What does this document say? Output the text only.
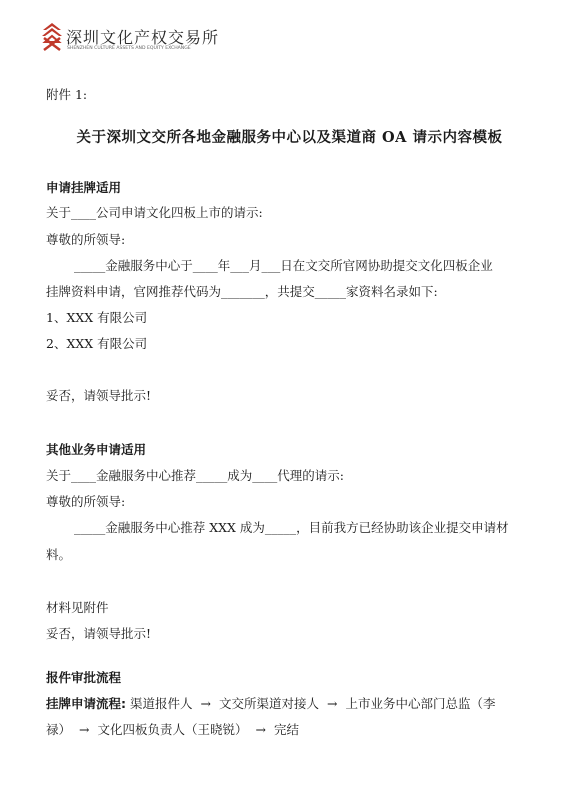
深圳文化产权交易所
SHENZHEN CULTURE ASSETS AND EQUITY EXCHANGE
附件 1:
关于深圳文交所各地金融服务中心以及渠道商 OA 请示内容模板
申请挂牌适用
关于____公司申请文化四板上市的请示:
尊敬的所领导:
_____金融服务中心于____年___月___日在文交所官网协助提交文化四板企业
挂牌资料申请，官网推荐代码为_______，共提交_____家资料名录如下:
1、XXX 有限公司
2、XXX 有限公司
妥否，请领导批示!
其他业务申请适用
关于____金融服务中心推荐_____成为____代理的请示:
尊敬的所领导:
_____金融服务中心推荐 XXX 成为_____，目前我方已经协助该企业提交申请材
料。
材料见附件
妥否，请领导批示!
报件审批流程
挂牌申请流程: 渠道报件人 → 文交所渠道对接人 → 上市业务中心部门总监（李
禄） → 文化四板负责人（王晓锐） → 完结
